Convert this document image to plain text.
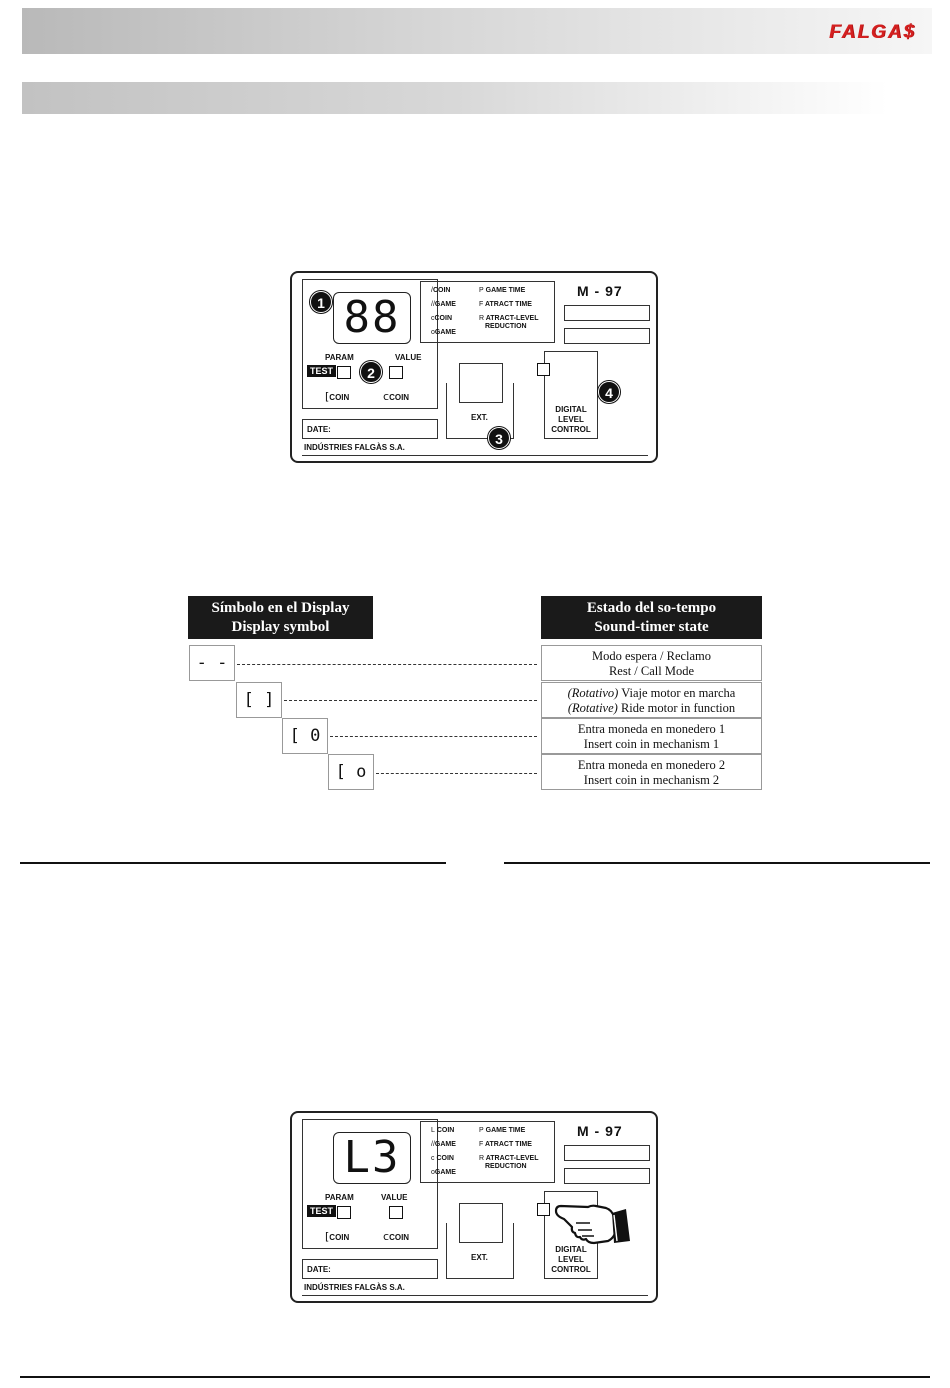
FALGA$
88
PARAM	VALUE
TEST
[COIN	cCOIN
1
2
/COIN
//GAME
cCOIN
oGAME
P GAME TIME
F ATRACT TIME
R ATRACT-LEVEL
REDUCTION
M - 97
EXT.
3
DIGITAL
LEVEL
CONTROL
4
DATE:
INDÚSTRIES FALGÀS S.A.
Símbolo en el Display
Display symbol
Estado del so-tempo
Sound-timer state
- -	Modo espera / Reclamo
Rest / Call Mode
[ ]	(Rotativo) Viaje motor en marcha
(Rotative) Ride motor in function
[ 0	Entra moneda en monedero 1
Insert coin in mechanism 1
[ o	Entra moneda en monedero 2
Insert coin in mechanism 2
L3
PARAM	VALUE
TEST
[COIN	cCOIN
L COIN
//GAME
c COIN
oGAME
P GAME TIME
F ATRACT TIME
R ATRACT-LEVEL
REDUCTION
M - 97
EXT.
DIGITAL
LEVEL
CONTROL
DATE:
INDÚSTRIES FALGÀS S.A.
